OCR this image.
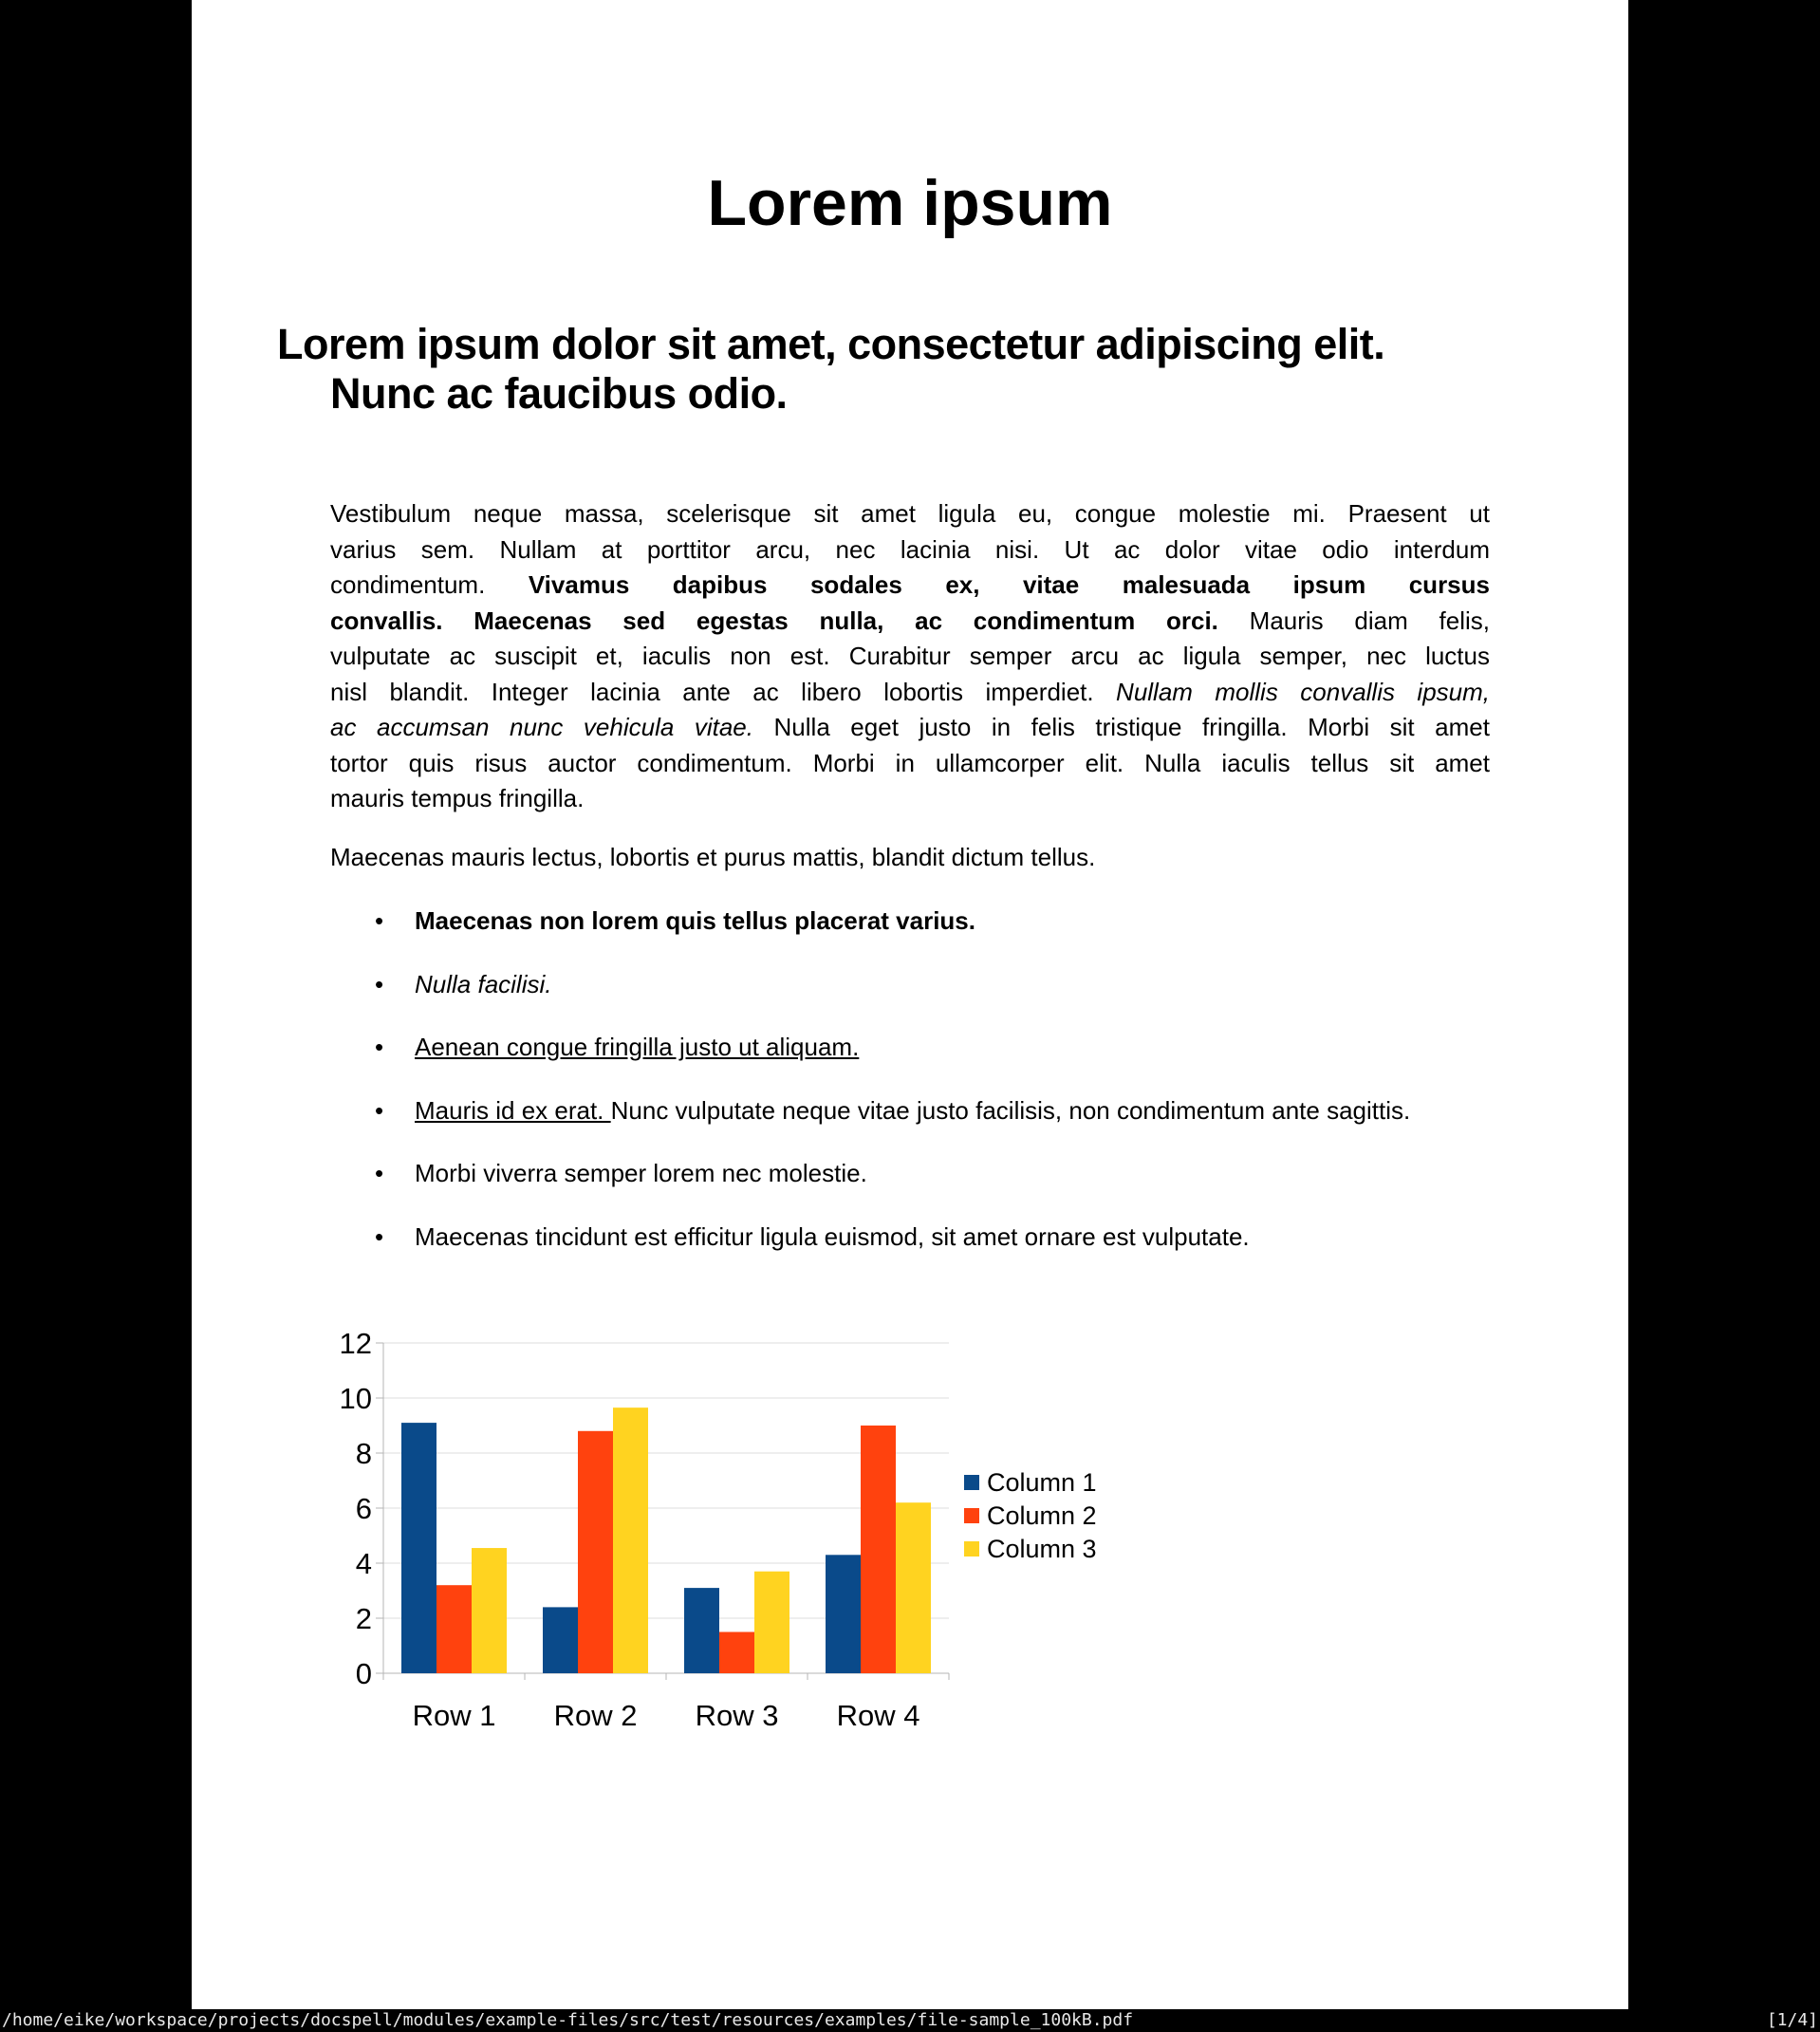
Lorem ipsum
Lorem ipsum dolor sit amet, consectetur adipiscing elit.
Nunc ac faucibus odio.
Vestibulum neque massa, scelerisque sit amet ligula eu, congue molestie mi. Praesent ut
varius sem. Nullam at porttitor arcu, nec lacinia nisi. Ut ac dolor vitae odio interdum
condimentum. Vivamus dapibus sodales ex, vitae malesuada ipsum cursus
convallis. Maecenas sed egestas nulla, ac condimentum orci. Mauris diam felis,
vulputate ac suscipit et, iaculis non est. Curabitur semper arcu ac ligula semper, nec luctus
nisl blandit. Integer lacinia ante ac libero lobortis imperdiet. Nullam mollis convallis ipsum,
ac accumsan nunc vehicula vitae. Nulla eget justo in felis tristique fringilla. Morbi sit amet
tortor quis risus auctor condimentum. Morbi in ullamcorper elit. Nulla iaculis tellus sit amet
mauris tempus fringilla.
Maecenas mauris lectus, lobortis et purus mattis, blandit dictum tellus.
• Maecenas non lorem quis tellus placerat varius.
• Nulla facilisi.
• Aenean congue fringilla justo ut aliquam.
• Mauris id ex erat. Nunc vulputate neque vitae justo facilisis, non condimentum ante sagittis.
• Morbi viverra semper lorem nec molestie.
• Maecenas tincidunt est efficitur ligula euismod, sit amet ornare est vulputate.
0
2
4
6
8
10
12
Row 1 Row 2 Row 3 Row 4
Column 1
Column 2
Column 3
/home/eike/workspace/projects/docspell/modules/example-files/src/test/resources/examples/file-sample_100kB.pdf	[1/4]
